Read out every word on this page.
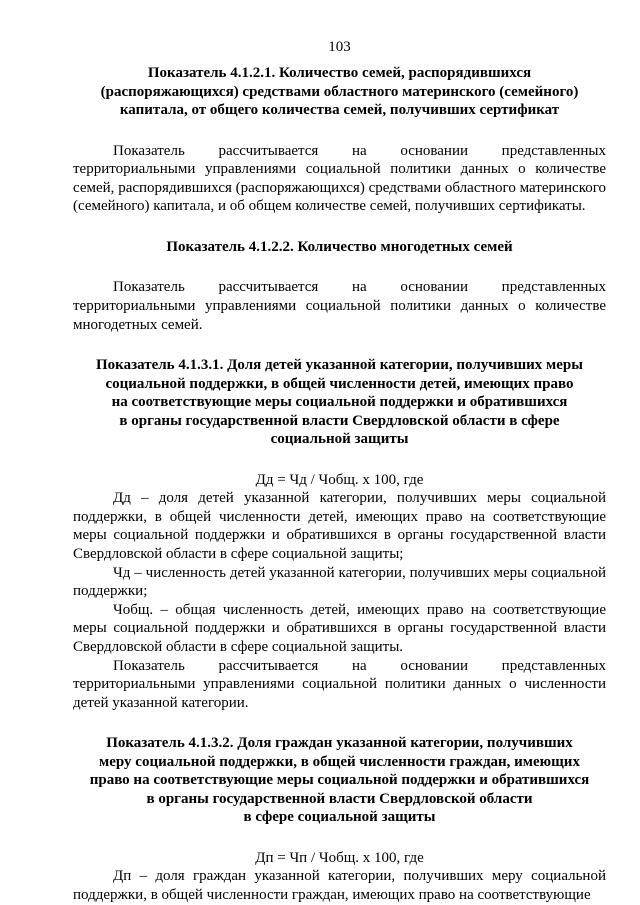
103

Показатель 4.1.2.1. Количество семей, распорядившихся

(распоряжающихся) средствами областного материнского (семейного)

капитала, от общего количества семей, получивших сертификат

Показатель рассчитывается на основании представленных территориальными управлениями социальной политики данных о количестве семей, распорядившихся (распоряжающихся) средствами областного материнского (семейного) капитала, и об общем количестве семей, получивших сертификаты.

Показатель 4.1.2.2. Количество многодетных семей

Показатель рассчитывается на основании представленных территориальными управлениями социальной политики данных о количестве многодетных семей.

Показатель 4.1.3.1. Доля детей указанной категории, получивших меры

социальной поддержки, в общей численности детей, имеющих право

на соответствующие меры социальной поддержки и обратившихся

в органы государственной власти Свердловской области в сфере

социальной защиты

Дд = Чд / Чобщ. х 100, где

Дд – доля детей указанной категории, получивших меры социальной поддержки, в общей численности детей, имеющих право на соответствующие меры социальной поддержки и обратившихся в органы государственной власти Свердловской области в сфере социальной защиты;

Чд – численность детей указанной категории, получивших меры социальной поддержки;

Чобщ. – общая численность детей, имеющих право на соответствующие меры социальной поддержки и обратившихся в органы государственной власти Свердловской области в сфере социальной защиты.

Показатель рассчитывается на основании представленных территориальными управлениями социальной политики данных о численности детей указанной категории.

Показатель 4.1.3.2. Доля граждан указанной категории, получивших

меру социальной поддержки, в общей численности граждан, имеющих

право на соответствующие меры социальной поддержки и обратившихся

в органы государственной власти Свердловской области

в сфере социальной защиты

Дп = Чп / Чобщ. х 100, где

Дп – доля граждан указанной категории, получивших меру социальной поддержки, в общей численности граждан, имеющих право на соответствующие
